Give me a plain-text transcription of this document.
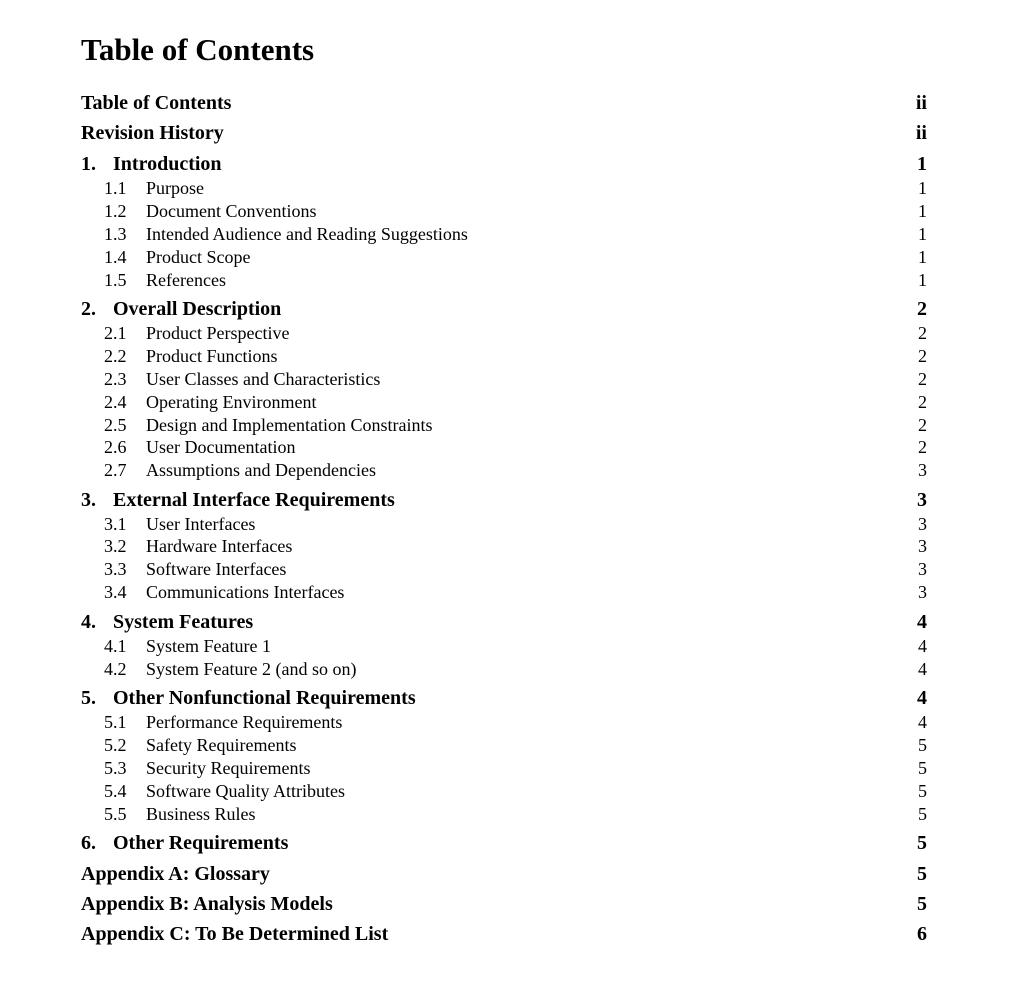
Table of Contents
Table of Contents	ii
Revision History	ii
1. Introduction	1
1.1	Purpose	1
1.2	Document Conventions	1
1.3	Intended Audience and Reading Suggestions	1
1.4	Product Scope	1
1.5	References	1
2. Overall Description	2
2.1	Product Perspective	2
2.2	Product Functions	2
2.3	User Classes and Characteristics	2
2.4	Operating Environment	2
2.5	Design and Implementation Constraints	2
2.6	User Documentation	2
2.7	Assumptions and Dependencies	3
3. External Interface Requirements	3
3.1	User Interfaces	3
3.2	Hardware Interfaces	3
3.3	Software Interfaces	3
3.4	Communications Interfaces	3
4. System Features	4
4.1	System Feature 1	4
4.2	System Feature 2 (and so on)	4
5. Other Nonfunctional Requirements	4
5.1	Performance Requirements	4
5.2	Safety Requirements	5
5.3	Security Requirements	5
5.4	Software Quality Attributes	5
5.5	Business Rules	5
6. Other Requirements	5
Appendix A: Glossary	5
Appendix B: Analysis Models	5
Appendix C: To Be Determined List	6
